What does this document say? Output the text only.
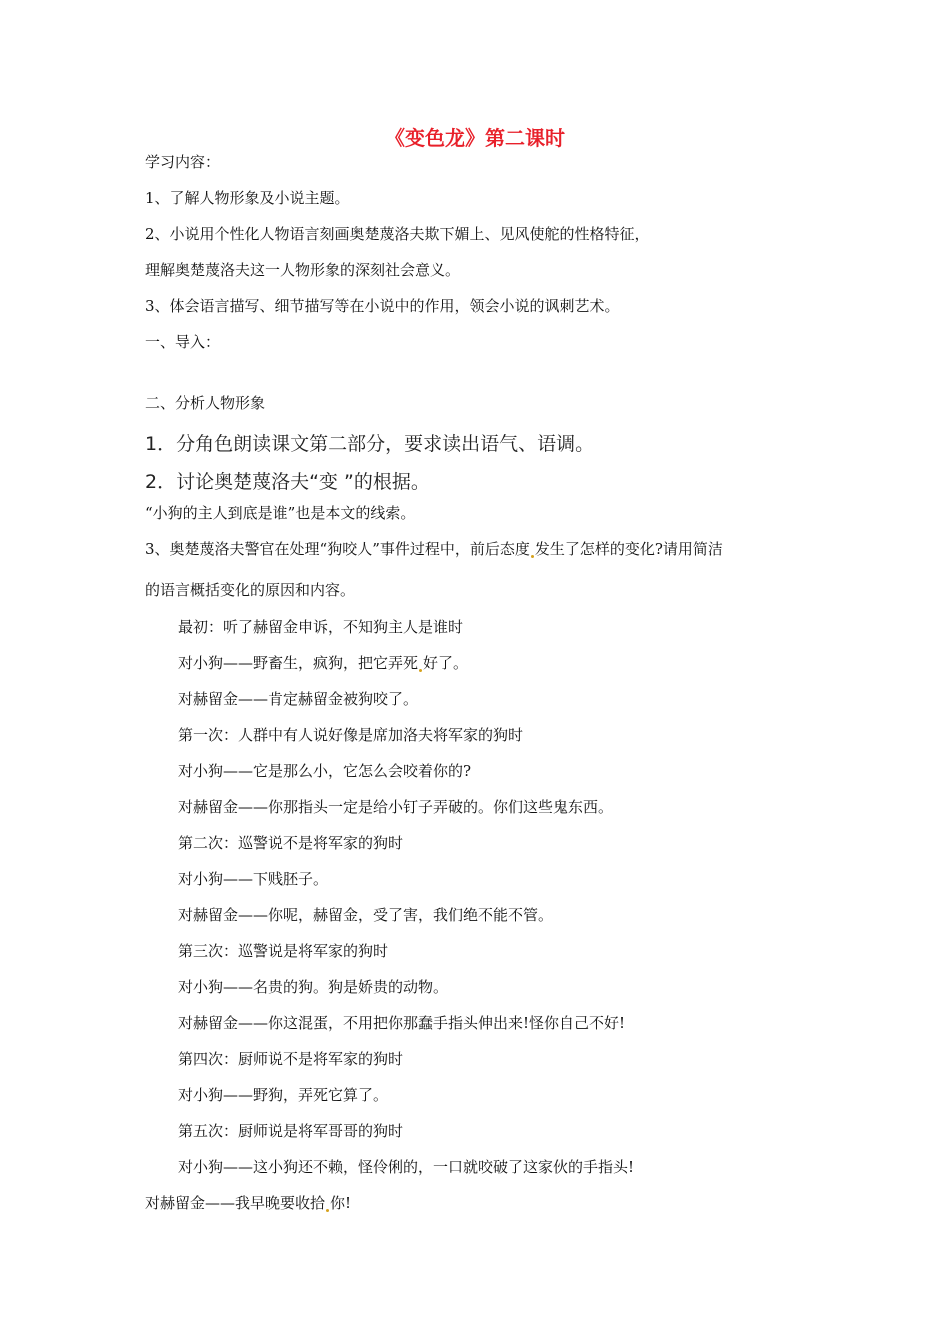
《变色龙》第二课时
学习内容：
1、了解人物形象及小说主题。
2、小说用个性化人物语言刻画奥楚蔑洛夫欺下媚上、见风使舵的性格特征，
理解奥楚蔑洛夫这一人物形象的深刻社会意义。
3、体会语言描写、细节描写等在小说中的作用，领会小说的讽刺艺术。
一、导入：
二、分析人物形象
1．分角色朗读课文第二部分，要求读出语气、语调。
2．讨论奥楚蔑洛夫“变 ”的根据。
“小狗的主人到底是谁”也是本文的线索。
3、奥楚蔑洛夫警官在处理“狗咬人”事件过程中，前后态度 发生了怎样的变化?请用简洁
的语言概括变化的原因和内容。
最初：听了赫留金申诉，不知狗主人是谁时
对小狗——野畜生，疯狗，把它弄死 好了。
对赫留金——肯定赫留金被狗咬了。
第一次：人群中有人说好像是席加洛夫将军家的狗时
对小狗——它是那么小，它怎么会咬着你的?
对赫留金——你那指头一定是给小钉子弄破的。你们这些鬼东西。
第二次：巡警说不是将军家的狗时
对小狗——下贱胚子。
对赫留金——你呢，赫留金，受了害，我们绝不能不管。
第三次：巡警说是将军家的狗时
对小狗——名贵的狗。狗是娇贵的动物。
对赫留金——你这混蛋，不用把你那蠢手指头伸出来!怪你自己不好!
第四次：厨师说不是将军家的狗时
对小狗——野狗，弄死它算了。
第五次：厨师说是将军哥哥的狗时
对小狗——这小狗还不赖，怪伶俐的，一口就咬破了这家伙的手指头!
对赫留金——我早晚要收拾 你!
